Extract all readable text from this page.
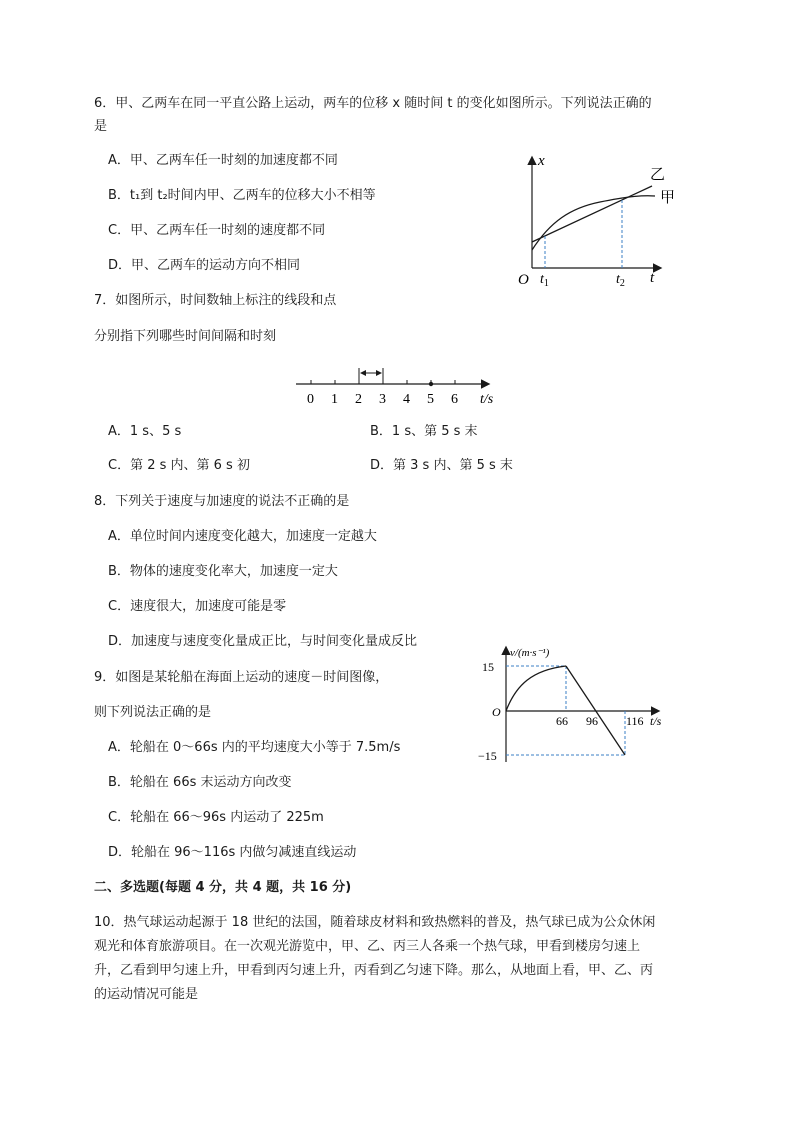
6．甲、乙两车在同一平直公路上运动，两车的位移 x 随时间 t 的变化如图所示。下列说法正确的
是
A．甲、乙两车任一时刻的加速度都不同
B．t₁到 t₂时间内甲、乙两车的位移大小不相等
C．甲、乙两车任一时刻的速度都不同
D．甲、乙两车的运动方向不相同
x
O $t_1$	$t_2$ t
乙
甲
7．如图所示，时间数轴上标注的线段和点
分别指下列哪些时间间隔和时刻
0 1 2 3 4 5 6 t/s
A．1 s、5 s	B．1 s、第 5 s 末
C．第 2 s 内、第 6 s 初	D．第 3 s 内、第 5 s 末
8．下列关于速度与加速度的说法不正确的是
A．单位时间内速度变化越大，加速度一定越大
B．物体的速度变化率大，加速度一定大
C．速度很大，加速度可能是零
D．加速度与速度变化量成正比，与时间变化量成反比
9．如图是某轮船在海面上运动的速度－时间图像，
则下列说法正确的是
A．轮船在 0～66s 内的平均速度大小等于 7.5m/s
B．轮船在 66s 末运动方向改变
C．轮船在 66～96s 内运动了 225m
D．轮船在 96～116s 内做匀减速直线运动
v/(m·s⁻¹)
15
O
−15
66 96 116 t/s
二、多选题(每题 4 分，共 4 题，共 16 分)
10．热气球运动起源于 18 世纪的法国，随着球皮材料和致热燃料的普及，热气球已成为公众休闲
观光和体育旅游项目。在一次观光游览中，甲、乙、丙三人各乘一个热气球，甲看到楼房匀速上
升，乙看到甲匀速上升，甲看到丙匀速上升，丙看到乙匀速下降。那么，从地面上看，甲、乙、丙
的运动情况可能是
